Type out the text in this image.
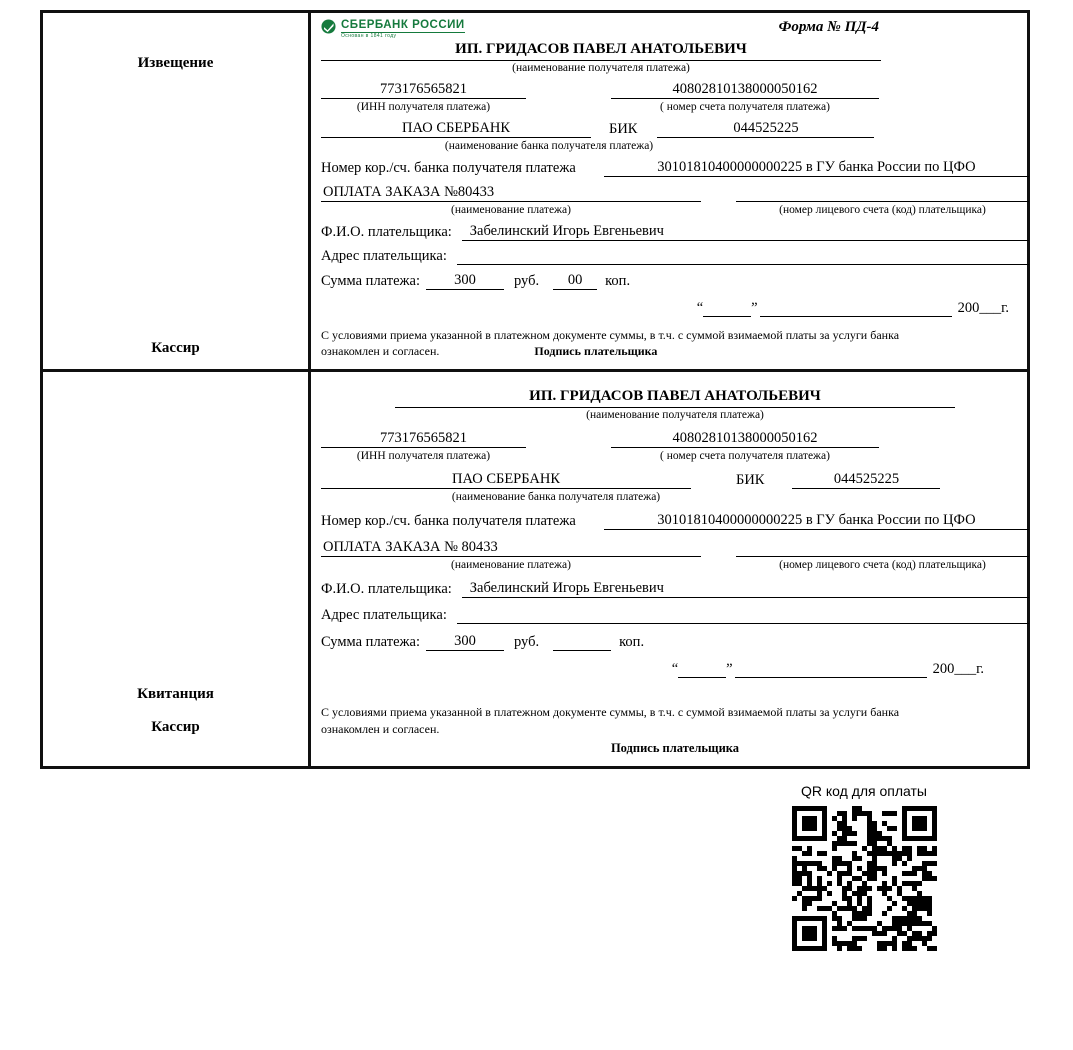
Извещение
Кассир
СБЕРБАНК РОССИИ
Основан в 1841 году
Форма № ПД-4
ИП. ГРИДАСОВ ПАВЕЛ АНАТОЛЬЕВИЧ
(наименование получателя платежа)
773176565821	40802810138000050162
(ИНН получателя платежа)	( номер счета получателя платежа)
ПАО СБЕРБАНК	БИК	044525225
(наименование банка получателя платежа)
Номер кор./сч. банка получателя платежа	30101810400000000225 в ГУ банка России по ЦФО
ОПЛАТА ЗАКАЗА №80433
(наименование платежа)	(номер лицевого счета (код) плательщика)
Ф.И.О. плательщика:	Забелинский Игорь Евгеньевич
Адрес плательщика:
Сумма платежа:	300	руб.	00	коп.
“	”	200___г.
С условиями приема указанной в платежном документе суммы, в т.ч. с суммой взимаемой платы за услуги банка
ознакомлен и согласен.	Подпись плательщика
Квитанция
Кассир
ИП. ГРИДАСОВ ПАВЕЛ АНАТОЛЬЕВИЧ
(наименование получателя платежа)
773176565821	40802810138000050162
(ИНН получателя платежа)	( номер счета получателя платежа)
ПАО СБЕРБАНК	БИК	044525225
(наименование банка получателя платежа)
Номер кор./сч. банка получателя платежа	30101810400000000225 в ГУ банка России по ЦФО
ОПЛАТА ЗАКАЗА № 80433
(наименование платежа)	(номер лицевого счета (код) плательщика)
Ф.И.О. плательщика:	Забелинский Игорь Евгеньевич
Адрес плательщика:
Сумма платежа:	300	руб.	коп.
“	”	200___г.
С условиями приема указанной в платежном документе суммы, в т.ч. с суммой взимаемой платы за услуги банка
ознакомлен и согласен.
Подпись плательщика
QR код для оплаты
